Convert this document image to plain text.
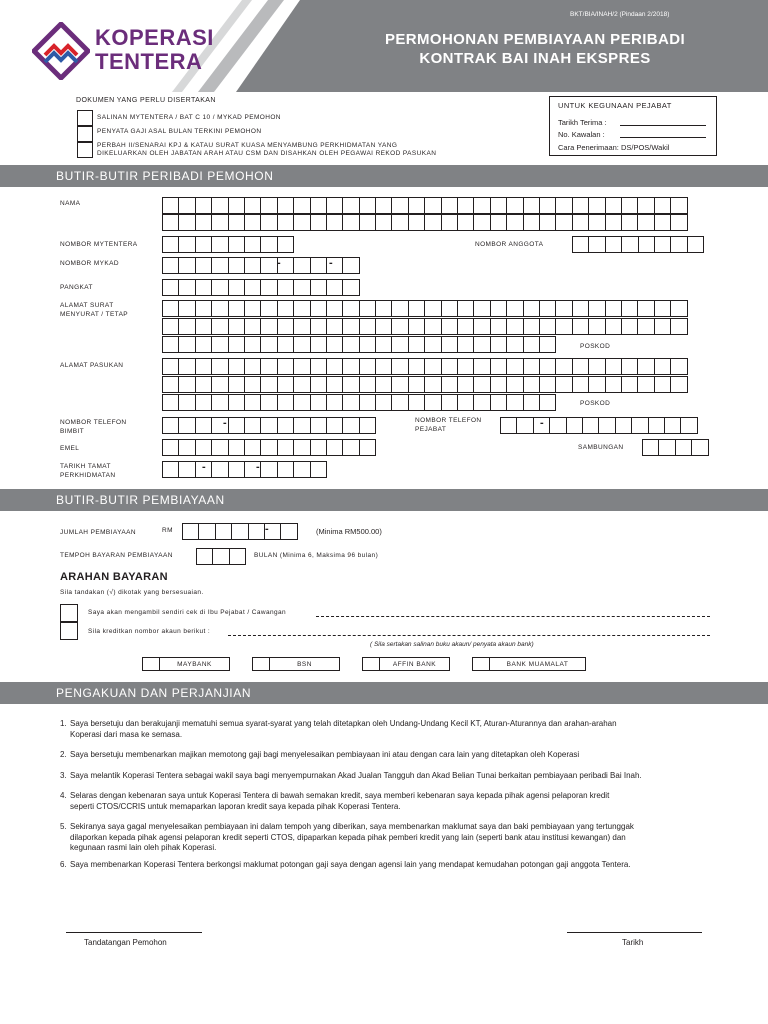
KOPERASI
TENTERA
BKT/BIA/INAH/2 (Pindaan 2/2018)
PERMOHONAN PEMBIAYAAN PERIBADI
KONTRAK BAI INAH EKSPRES
DOKUMEN YANG PERLU DISERTAKAN
SALINAN MYTENTERA / BAT C 10 / MYKAD PEMOHON
PENYATA GAJI ASAL BULAN TERKINI PEMOHON
PERBAH II/SENARAI KPJ & KATAU SURAT KUASA MENYAMBUNG PERKHIDMATAN YANG
DIKELUARKAN OLEH JABATAN ARAH ATAU CSM DAN DISAHKAN OLEH PEGAWAI REKOD PASUKAN
UNTUK KEGUNAAN PEJABAT
Tarikh Terima :
No. Kawalan :
Cara Penerimaan: DS/POS/Wakil
BUTIR-BUTIR PERIBADI PEMOHON
NAMA
NOMBOR MYTENTERA	NOMBOR ANGGOTA
NOMBOR MYKAD	-	-
PANGKAT
ALAMAT SURAT
MENYURAT / TETAP
POSKOD
ALAMAT PASUKAN
POSKOD
NOMBOR TELEFON
BIMBIT
-	NOMBOR TELEFON
PEJABAT
-
EMEL	SAMBUNGAN
TARIKH TAMAT
PERKHIDMATAN
-	-
BUTIR-BUTIR PEMBIAYAAN
JUMLAH PEMBIAYAAN	RM	-	(Minima RM500.00)
TEMPOH BAYARAN PEMBIAYAAN	BULAN (Minima 6, Maksima 96 bulan)
ARAHAN BAYARAN
Sila tandakan (√) dikotak yang bersesuaian.
Saya akan mengambil sendiri cek di Ibu Pejabat / Cawangan
Sila kreditkan nombor akaun berikut :
( Sila sertakan salinan buku akaun/ penyata akaun bank)
MAYBANK	BSN	AFFIN BANK	BANK MUAMALAT
PENGAKUAN DAN PERJANJIAN
1. Saya bersetuju dan berakujanji mematuhi semua syarat-syarat yang telah ditetapkan oleh Undang-Undang Kecil KT, Aturan-Aturannya dan arahan-arahan
Koperasi dari masa ke semasa.
2. Saya bersetuju membenarkan majikan memotong gaji bagi menyelesaikan pembiayaan ini atau dengan cara lain yang ditetapkan oleh Koperasi
3. Saya melantik Koperasi Tentera sebagai wakil saya bagi menyempurnakan Akad Jualan Tangguh dan Akad Belian Tunai berkaitan pembiayaan peribadi Bai Inah.
4. Selaras dengan kebenaran saya untuk Koperasi Tentera di bawah semakan kredit, saya memberi kebenaran saya kepada pihak agensi pelaporan kredit
seperti CTOS/CCRIS untuk memaparkan laporan kredit saya kepada pihak Koperasi Tentera.
5. Sekiranya saya gagal menyelesaikan pembiayaan ini dalam tempoh yang diberikan, saya membenarkan maklumat saya dan baki pembiayaan yang tertunggak
dilaporkan kepada pihak agensi pelaporan kredit seperti CTOS, dipaparkan kepada pihak pemberi kredit yang lain (seperti bank atau institusi kewangan) dan
kegunaan rasmi lain oleh pihak Koperasi.
6. Saya membenarkan Koperasi Tentera berkongsi maklumat potongan gaji saya dengan agensi lain yang mendapat kemudahan potongan gaji anggota Tentera.
Tandatangan Pemohon	Tarikh
